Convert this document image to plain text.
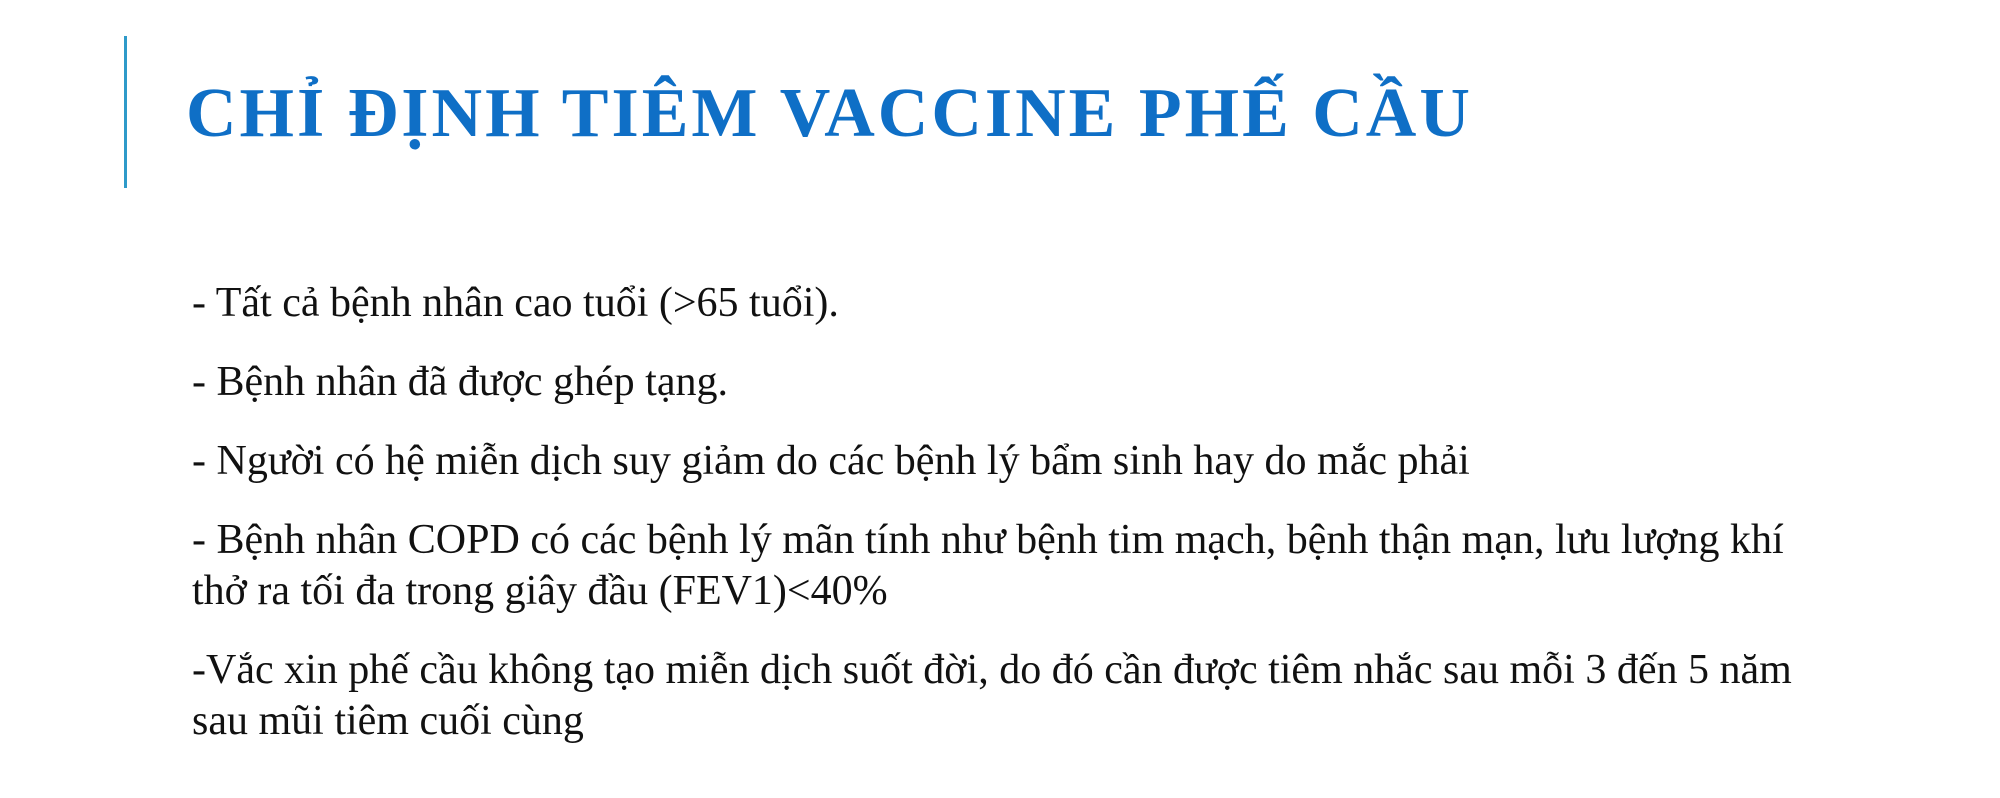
CHỈ ĐỊNH TIÊM VACCINE PHẾ CẦU
- Tất cả bệnh nhân cao tuổi (>65 tuổi).
- Bệnh nhân đã được ghép tạng.
- Người có hệ miễn dịch suy giảm do các bệnh lý bẩm sinh hay do mắc phải
- Bệnh nhân COPD có các bệnh lý mãn tính như bệnh tim mạch, bệnh thận mạn, lưu lượng khí thở ra tối đa trong giây đầu (FEV1)<40%
-Vắc xin phế cầu không tạo miễn dịch suốt đời, do đó cần được tiêm nhắc sau mỗi 3 đến 5 năm sau mũi tiêm cuối cùng
